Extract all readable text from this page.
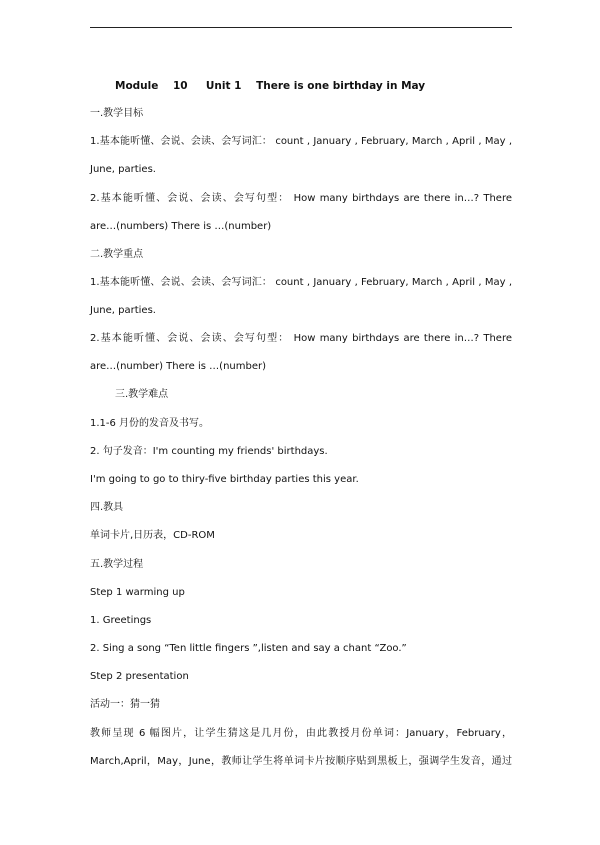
Module    10     Unit 1    There is one birthday in May
一.教学目标
1.基本能听懂、会说、会读、会写词汇： count , January , February, March , April , May ,
June, parties.
2.基本能听懂、会说、会读、会写句型： How many birthdays are there in…? There
are…(numbers) There is …(number)
二.教学重点
1.基本能听懂、会说、会读、会写词汇： count , January , February, March , April , May ,
June, parties.
2.基本能听懂、会说、会读、会写句型： How many birthdays are there in…? There
are…(number) There is …(number)
三.教学难点
1.1-6 月份的发音及书写。
2. 句子发音：I'm counting my friends' birthdays.
I'm going to go to thiry-five birthday parties this year.
四.教具
单词卡片,日历表，CD-ROM
五.教学过程
Step 1 warming up
1. Greetings
2. Sing a song “Ten little fingers ”,listen and say a chant “Zoo.”
Step 2 presentation
活动一：猜一猜
教师呈现 6 幅图片，让学生猜这是几月份，由此教授月份单词：January，February，
March,April，May，June，教师让学生将单词卡片按顺序贴到黑板上，强调学生发音，通过
